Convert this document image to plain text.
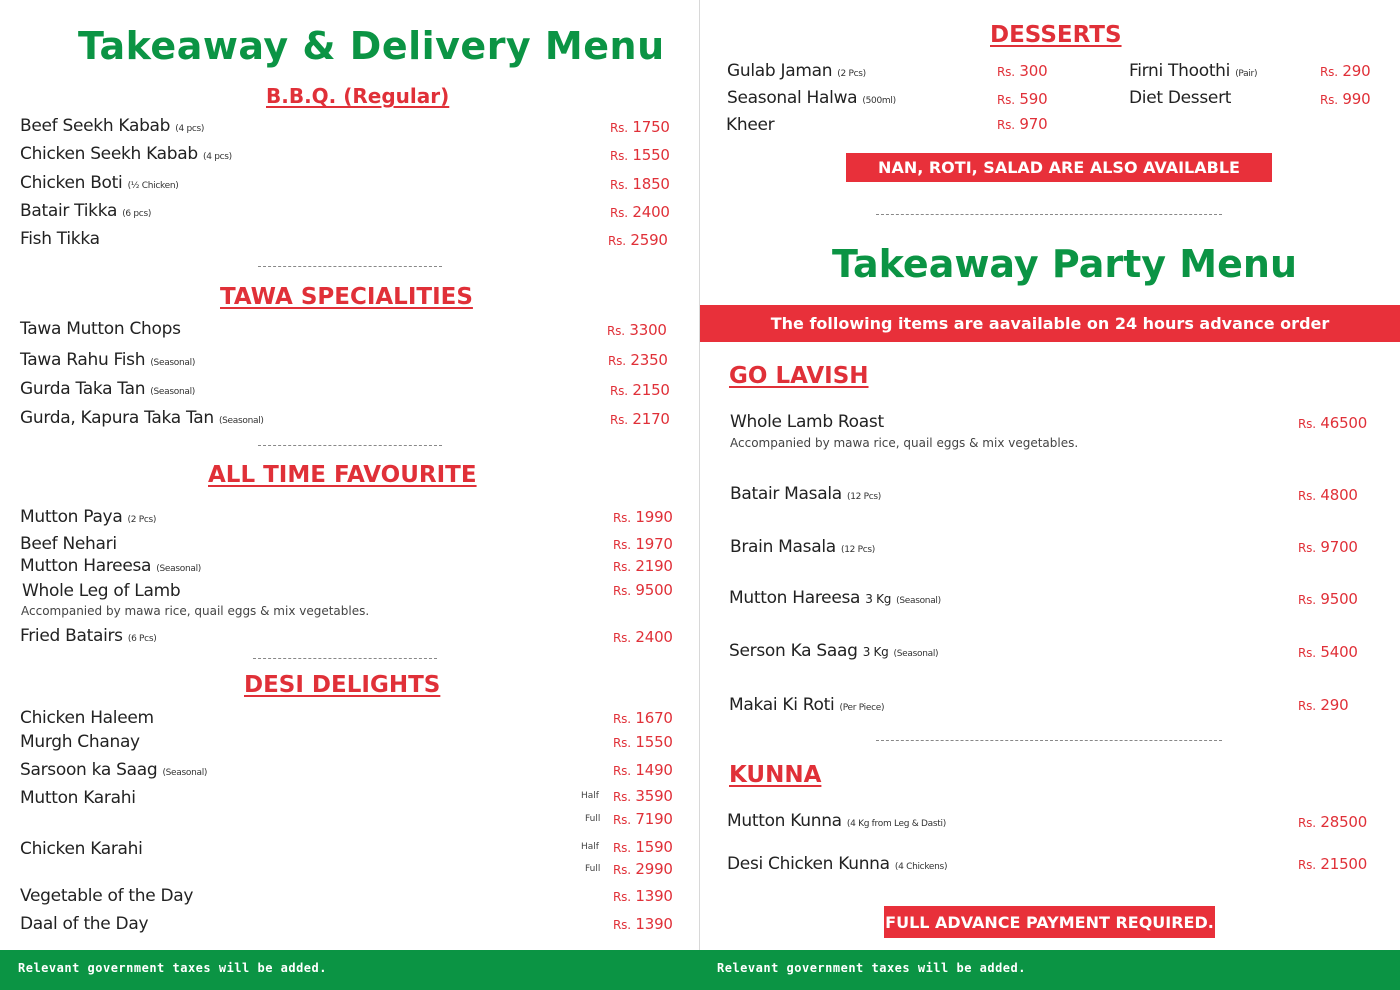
Takeaway & Delivery Menu
B.B.Q. (Regular)
Beef Seekh Kabab (4 pcs)	Rs. 1750
Chicken Seekh Kabab (4 pcs)	Rs. 1550
Chicken Boti (½ Chicken)	Rs. 1850
Batair Tikka (6 pcs)	Rs. 2400
Fish Tikka	Rs. 2590
TAWA SPECIALITIES
Tawa Mutton Chops	Rs. 3300
Tawa Rahu Fish (Seasonal)	Rs. 2350
Gurda Taka Tan (Seasonal)	Rs. 2150
Gurda, Kapura Taka Tan (Seasonal)	Rs. 2170
ALL TIME FAVOURITE
Mutton Paya (2 Pcs)	Rs. 1990
Beef Nehari	Rs. 1970
Mutton Hareesa (Seasonal)	Rs. 2190
Whole Leg of Lamb	Rs. 9500
Accompanied by mawa rice, quail eggs & mix vegetables.
Fried Batairs (6 Pcs)	Rs. 2400
DESI DELIGHTS
Chicken Haleem	Rs. 1670
Murgh Chanay	Rs. 1550
Sarsoon ka Saag (Seasonal)	Rs. 1490
Mutton Karahi	Half Rs. 3590
Full Rs. 7190
Chicken Karahi	Half Rs. 1590
Full Rs. 2990
Vegetable of the Day	Rs. 1390
Daal of the Day	Rs. 1390
DESSERTS
Gulab Jaman (2 Pcs)	Rs. 300
Seasonal Halwa (500ml)	Rs. 590
Kheer	Rs. 970
Firni Thoothi (Pair)	Rs. 290
Diet Dessert	Rs. 990
NAN, ROTI, SALAD ARE ALSO AVAILABLE
Takeaway Party Menu
The following items are aavailable on 24 hours advance order
GO LAVISH
Whole Lamb Roast	Rs. 46500
Accompanied by mawa rice, quail eggs & mix vegetables.
Batair Masala (12 Pcs)	Rs. 4800
Brain Masala (12 Pcs)	Rs. 9700
Mutton Hareesa 3 Kg (Seasonal)	Rs. 9500
Serson Ka Saag 3 Kg (Seasonal)	Rs. 5400
Makai Ki Roti (Per Piece)	Rs. 290
KUNNA
Mutton Kunna (4 Kg from Leg & Dasti)	Rs. 28500
Desi Chicken Kunna (4 Chickens)	Rs. 21500
FULL ADVANCE PAYMENT REQUIRED.
Relevant government taxes will be added.	Relevant government taxes will be added.
